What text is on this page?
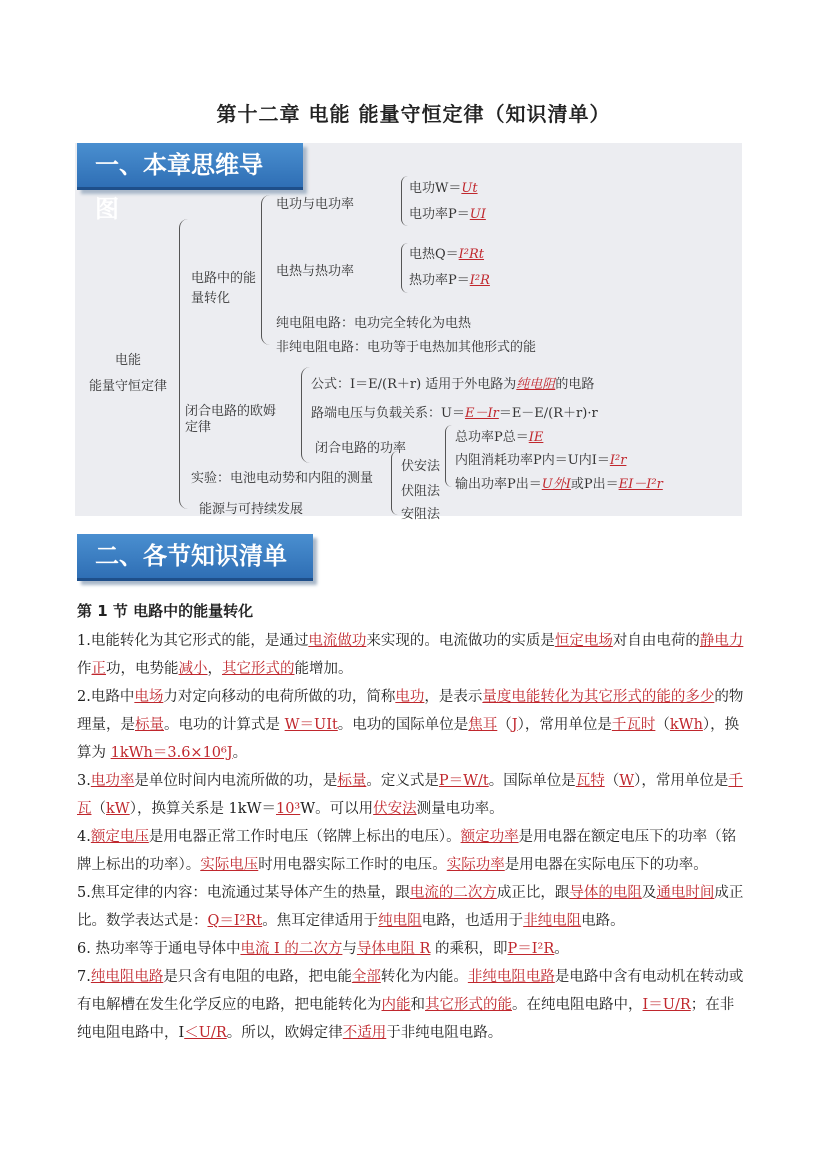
第十二章 电能 能量守恒定律（知识清单）
电能
能量守恒定律
电路中的能
量转化
电功与电功率
电功W＝Ut
电功率P＝UI
电热与热功率
电热Q＝I²Rt
热功率P＝I²R
纯电阻电路：电功完全转化为电热
非纯电阻电路：电功等于电热加其他形式的能
闭合电路的欧姆
定律
公式：I＝E/(R＋r) 适用于外电路为纯电阻的电路
路端电压与负载关系：U＝E－Ir＝E－E/(R＋r)·r
闭合电路的功率
总功率P总＝IE
内阻消耗功率P内＝U内I＝I²r
输出功率P出＝U外I或P出＝EI－I²r
实验：电池电动势和内阻的测量
伏安法
伏阻法
安阻法
能源与可持续发展
一、本章思维导图
二、各节知识清单
第 1 节 电路中的能量转化

1.电能转化为其它形式的能，是通过电流做功来实现的。电流做功的实质是恒定电场对自由电荷的静电力作正功，电势能减小，其它形式的能增加。

2.电路中电场力对定向移动的电荷所做的功，简称电功，是表示量度电能转化为其它形式的能的多少的物理量，是标量。电功的计算式是 W＝UIt。电功的国际单位是焦耳（J），常用单位是千瓦时（kWh），换算为 1kWh＝3.6×10⁶J。

3.电功率是单位时间内电流所做的功，是标量。定义式是P＝W/t。国际单位是瓦特（W），常用单位是千瓦（kW），换算关系是 1kW＝10³W。可以用伏安法测量电功率。

4.额定电压是用电器正常工作时电压（铭牌上标出的电压）。额定功率是用电器在额定电压下的功率（铭牌上标出的功率）。实际电压时用电器实际工作时的电压。实际功率是用电器在实际电压下的功率。

5.焦耳定律的内容：电流通过某导体产生的热量，跟电流的二次方成正比，跟导体的电阻及通电时间成正比。数学表达式是：Q＝I²Rt。焦耳定律适用于纯电阻电路，也适用于非纯电阻电路。

6. 热功率等于通电导体中电流 I 的二次方与导体电阻 R 的乘积，即P＝I²R。

7.纯电阻电路是只含有电阻的电路，把电能全部转化为内能。非纯电阻电路是电路中含有电动机在转动或有电解槽在发生化学反应的电路，把电能转化为内能和其它形式的能。在纯电阻电路中，I＝U/R；在非纯电阻电路中，I＜U/R。所以，欧姆定律不适用于非纯电阻电路。
